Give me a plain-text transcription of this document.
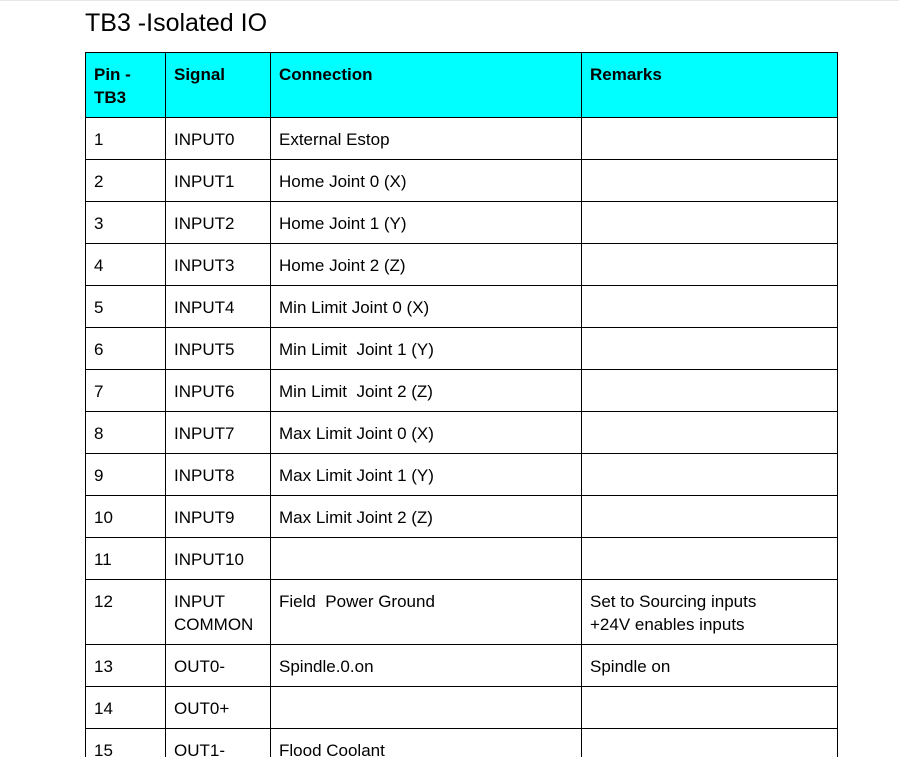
TB3 -Isolated IO
Pin - TB3	Signal	Connection	Remarks
1	INPUT0	External Estop	
2	INPUT1	Home Joint 0 (X)	
3	INPUT2	Home Joint 1 (Y)	
4	INPUT3	Home Joint 2 (Z)	
5	INPUT4	Min Limit Joint 0 (X)	
6	INPUT5	Min Limit  Joint 1 (Y)	
7	INPUT6	Min Limit  Joint 2 (Z)	
8	INPUT7	Max Limit Joint 0 (X)	
9	INPUT8	Max Limit Joint 1 (Y)	
10	INPUT9	Max Limit Joint 2 (Z)	
11	INPUT10		
12	INPUT COMMON	Field  Power Ground	Set to Sourcing inputs +24V enables inputs
13	OUT0-	Spindle.0.on	Spindle on
14	OUT0+		
15	OUT1-	Flood Coolant	
